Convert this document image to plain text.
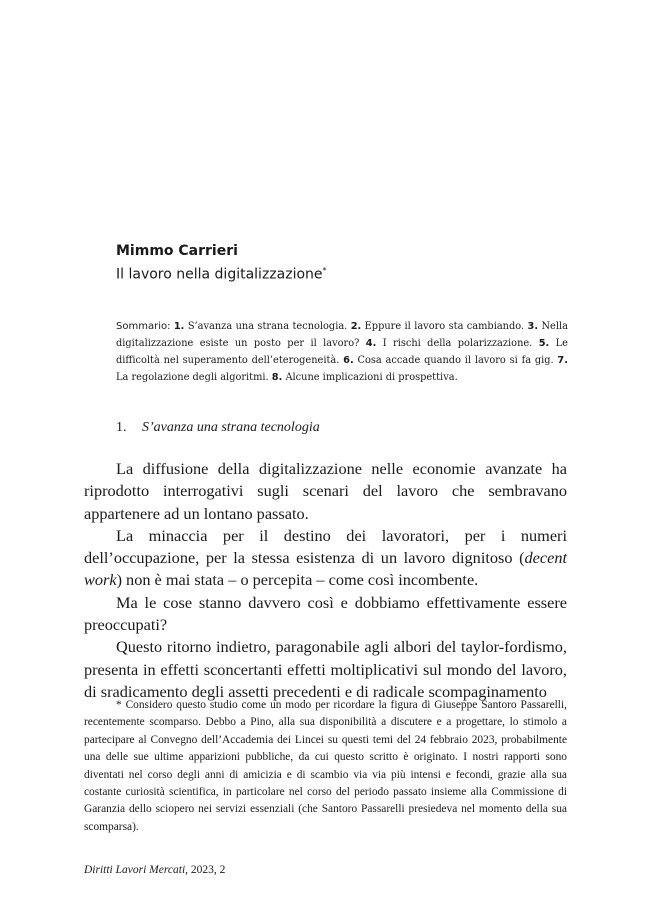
Mimmo Carrieri

Il lavoro nella digitalizzazione*

Sommario: 1. S’avanza una strana tecnologia. 2. Eppure il lavoro sta cambiando. 3. Nella digitalizzazione esiste un posto per il lavoro? 4. I rischi della polarizzazione. 5. Le difficoltà nel superamento dell’eterogeneità. 6. Cosa accade quando il lavoro si fa gig. 7. La regolazione degli algoritmi. 8. Alcune implicazioni di prospettiva.

1. S’avanza una strana tecnologia

La diffusione della digitalizzazione nelle economie avanzate ha riprodotto interrogativi sugli scenari del lavoro che sembravano appartenere ad un lontano passato.

La minaccia per il destino dei lavoratori, per i numeri dell’occupazione, per la stessa esistenza di un lavoro dignitoso (decent work) non è mai stata – o percepita – come così incombente.

Ma le cose stanno davvero così e dobbiamo effettivamente essere preoccupati?

Questo ritorno indietro, paragonabile agli albori del taylor-fordismo, presenta in effetti sconcertanti effetti moltiplicativi sul mondo del lavoro, di sradicamento degli assetti precedenti e di radicale scompaginamento

* Considero questo studio come un modo per ricordare la figura di Giuseppe Santoro Passarelli, recentemente scomparso. Debbo a Pino, alla sua disponibilità a discutere e a progettare, lo stimolo a partecipare al Convegno dell’Accademia dei Lincei su questi temi del 24 febbraio 2023, probabilmente una delle sue ultime apparizioni pubbliche, da cui questo scritto è originato. I nostri rapporti sono diventati nel corso degli anni di amicizia e di scambio via via più intensi e fecondi, grazie alla sua costante curiosità scientifica, in particolare nel corso del periodo passato insieme alla Commissione di Garanzia dello sciopero nei servizi essenziali (che Santoro Passarelli presiedeva nel momento della sua scomparsa).

Diritti Lavori Mercati, 2023, 2
